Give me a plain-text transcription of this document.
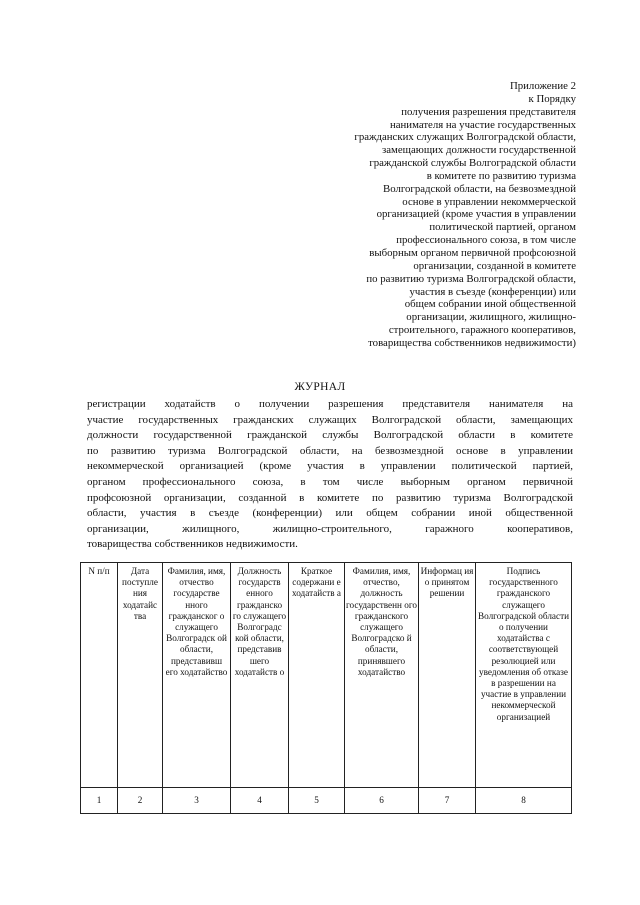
Приложение 2
к Порядку
получения разрешения представителя
нанимателя на участие государственных
гражданских служащих Волгоградской области,
замещающих должности государственной
гражданской службы Волгоградской области
в комитете по развитию туризма
Волгоградской области, на безвозмездной
основе в управлении некоммерческой
организацией (кроме участия в управлении
политической партией, органом
профессионального союза, в том числе
выборным органом первичной профсоюзной
организации, созданной в комитете
по развитию туризма Волгоградской области,
участия в съезде (конференции) или
общем собрании иной общественной
организации, жилищного, жилищно-
строительного, гаражного кооперативов,
товарищества собственников недвижимости)
ЖУРНАЛ
регистрации ходатайств о получении разрешения представителя нанимателя на
участие государственных гражданских служащих Волгоградской области, замещающих
должности государственной гражданской службы Волгоградской области в комитете
по развитию туризма Волгоградской области, на безвозмездной основе в управлении
некоммерческой организацией (кроме участия в управлении политической партией,
органом профессионального союза, в том числе выборным органом первичной
профсоюзной организации, созданной в комитете по развитию туризма Волгоградской
области, участия в съезде (конференции) или общем собрании иной общественной
организации, жилищного, жилищно-строительного, гаражного кооперативов,
товарищества собственников недвижимости.
N п/п	Дата поступле ния ходатайс тва	Фамилия, имя, отчество государстве нного гражданског о служащего Волгоградск ой области, представивш его ходатайство	Должность государств енного гражданско го служащего Волгоградс кой области, представив шего ходатайств о	Краткое содержани е ходатайств а	Фамилия, имя, отчество, должность государственн ого гражданского служащего Волгоградско й области, принявшего ходатайство	Информац ия о принятом решении	Подпись государственного гражданского служащего Волгоградской области о получении ходатайства с соответствующей резолюцией или уведомления об отказе в разрешении на участие в управлении некоммерческой организацией
1	2	3	4	5	6	7	8
